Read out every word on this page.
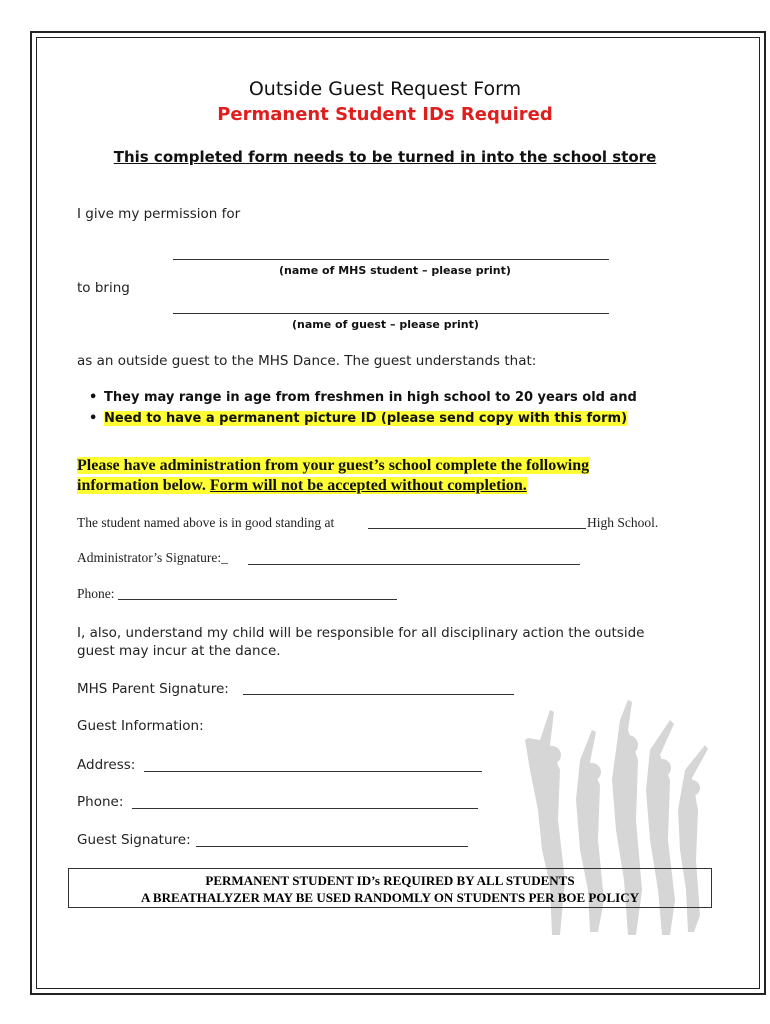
Outside Guest Request Form
Permanent Student IDs Required
This completed form needs to be turned in into the school store
I give my permission for
(name of MHS student – please print)
to bring
(name of guest – please print)
as an outside guest to the MHS Dance. The guest understands that:
• They may range in age from freshmen in high school to 20 years old and
• Need to have a permanent picture ID (please send copy with this form)
Please have administration from your guest’s school complete the following
information below. Form will not be accepted without completion.
The student named above is in good standing at	High School.
Administrator’s Signature:_
Phone:
I, also, understand my child will be responsible for all disciplinary action the outside
guest may incur at the dance.
MHS Parent Signature:
Guest Information:
Address:
Phone:
Guest Signature:
PERMANENT STUDENT ID’s REQUIRED BY ALL STUDENTS
A BREATHALYZER MAY BE USED RANDOMLY ON STUDENTS PER BOE POLICY
